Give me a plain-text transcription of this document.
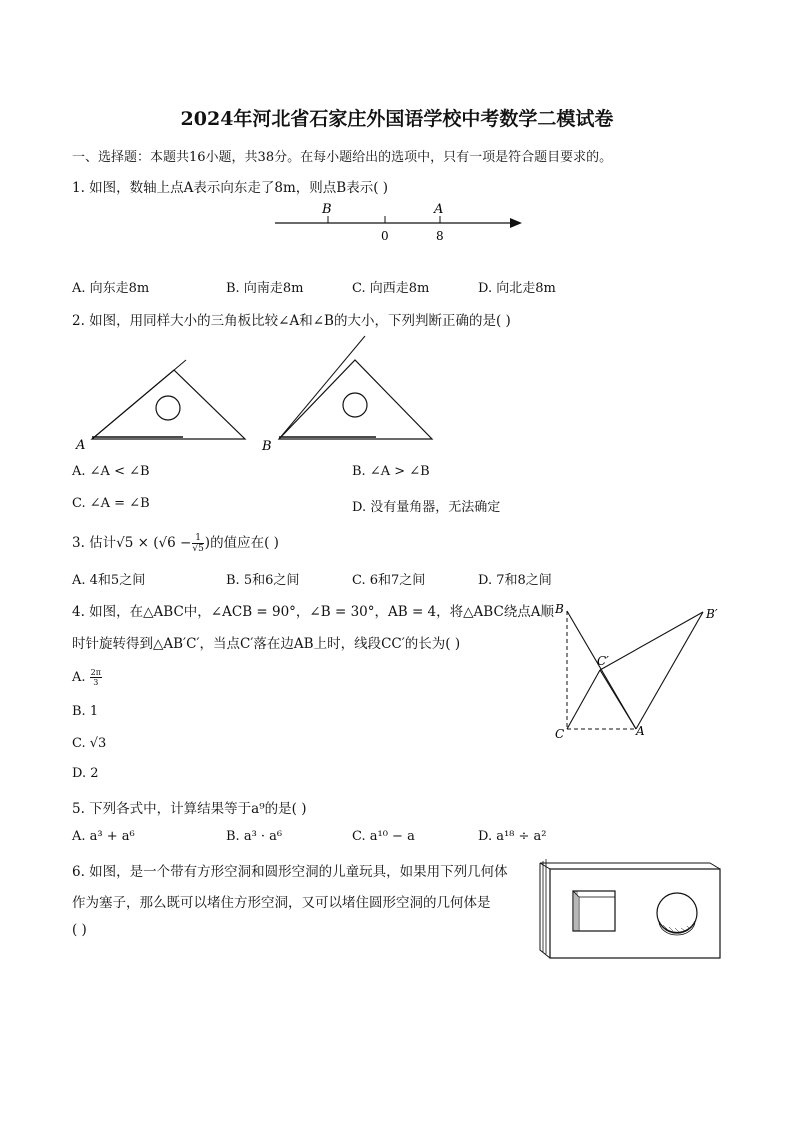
2024年河北省石家庄外国语学校中考数学二模试卷
一、选择题：本题共16小题，共38分。在每小题给出的选项中，只有一项是符合题目要求的。
1. 如图，数轴上点A表示向东走了8m，则点B表示( )
B	A
0	8
A. 向东走8m	B. 向南走8m	C. 向西走8m	D. 向北走8m
2. 如图，用同样大小的三角板比较∠A和∠B的大小，下列判断正确的是( )
A	B
A. ∠A < ∠B	B. ∠A > ∠B
C. ∠A = ∠B	D. 没有量角器，无法确定
3. 估计$√5 \times (√6 - \frac{1}{√5}$ )的值应在( )
A. 4和5之间	B. 5和6之间	C. 6和7之间	D. 7和8之间
4. 如图，在△ABC中，∠ACB = 90°，∠B = 30°，AB = 4，将△ABC绕点A顺
时针旋转得到△AB′C′，当点C′落在边AB上时，线段CC′的长为( )
A. $\frac{2\pi}{3}$
B. 1
C. √3
D. 2
B	B′
C′
C	A
5. 下列各式中，计算结果等于a⁹的是( )
A. a³ + a⁶	B. a³ · a⁶	C. a¹⁰ − a	D. a¹⁸ ÷ a²
6. 如图，是一个带有方形空洞和圆形空洞的儿童玩具，如果用下列几何体
作为塞子，那么既可以堵住方形空洞，又可以堵住圆形空洞的几何体是
( )
